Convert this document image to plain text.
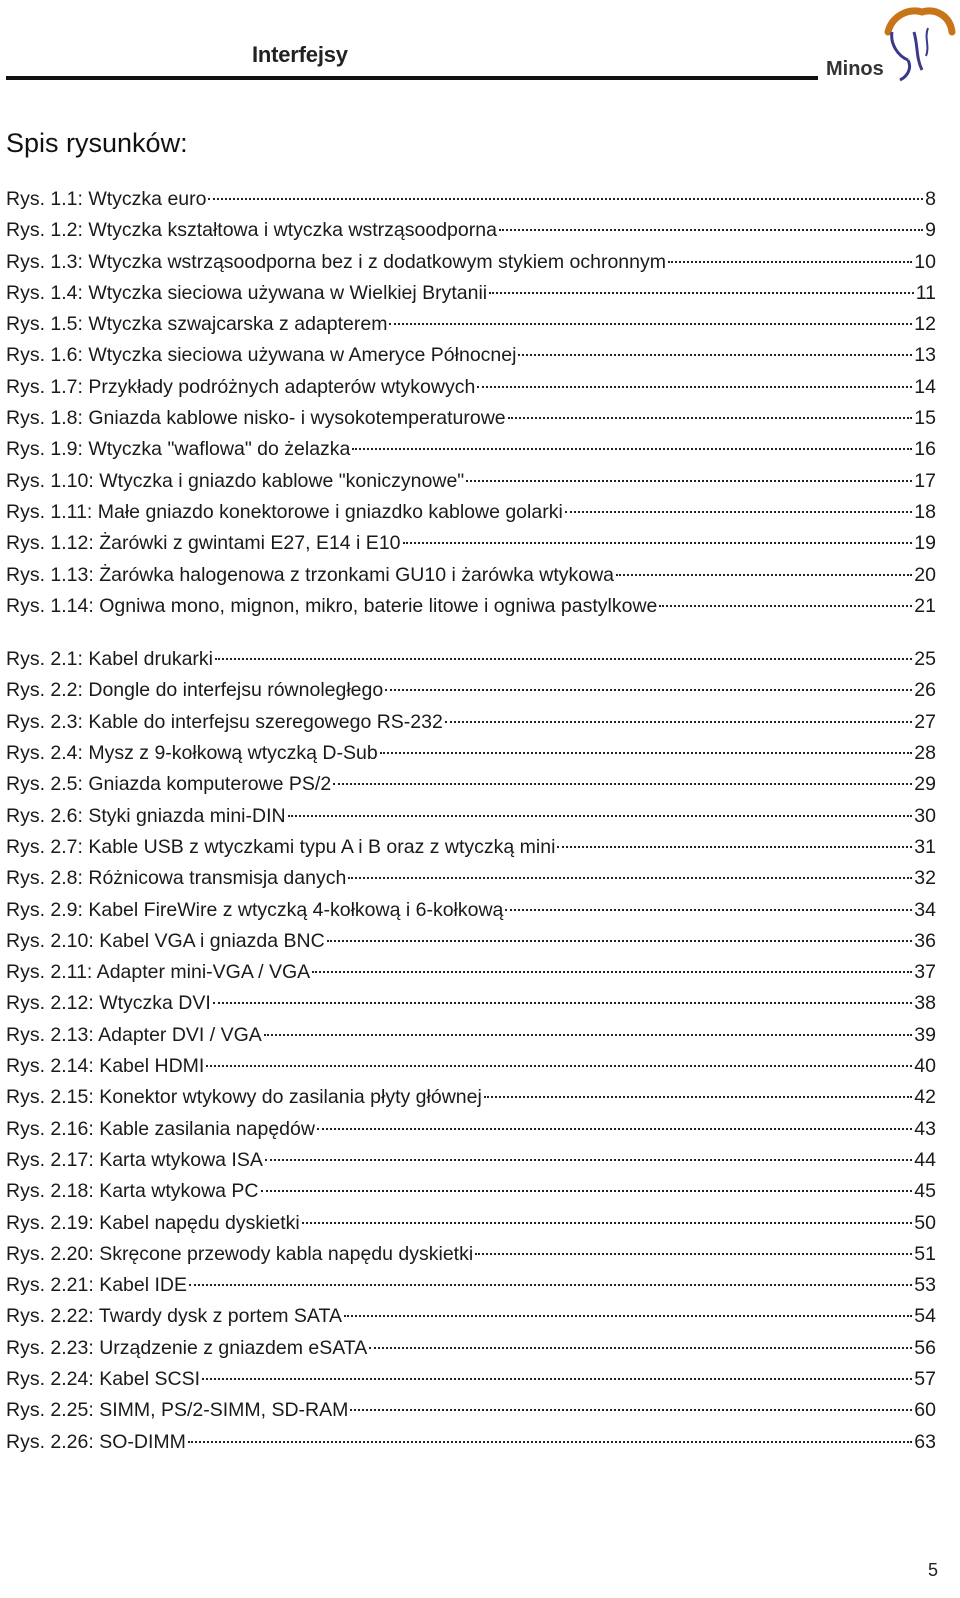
Interfejsy
Minos
Spis rysunków:
Rys. 1.1: Wtyczka euro	8
Rys. 1.2: Wtyczka kształtowa i wtyczka wstrząsoodporna	9
Rys. 1.3: Wtyczka wstrząsoodporna bez i z dodatkowym stykiem ochronnym	10
Rys. 1.4: Wtyczka sieciowa używana w Wielkiej Brytanii	11
Rys. 1.5: Wtyczka szwajcarska z adapterem	12
Rys. 1.6: Wtyczka sieciowa używana w Ameryce Północnej	13
Rys. 1.7: Przykłady podróżnych adapterów wtykowych	14
Rys. 1.8: Gniazda kablowe nisko- i wysokotemperaturowe	15
Rys. 1.9: Wtyczka "waflowa" do żelazka	16
Rys. 1.10: Wtyczka i gniazdo kablowe "koniczynowe"	17
Rys. 1.11: Małe gniazdo konektorowe i gniazdko kablowe golarki	18
Rys. 1.12: Żarówki z gwintami E27, E14 i E10	19
Rys. 1.13: Żarówka halogenowa z trzonkami GU10 i żarówka wtykowa	20
Rys. 1.14: Ogniwa mono, mignon, mikro, baterie litowe i ogniwa pastylkowe	21
Rys. 2.1: Kabel drukarki	25
Rys. 2.2: Dongle do interfejsu równoległego	26
Rys. 2.3: Kable do interfejsu szeregowego RS-232	27
Rys. 2.4: Mysz z 9-kołkową wtyczką D-Sub	28
Rys. 2.5: Gniazda komputerowe PS/2	29
Rys. 2.6: Styki gniazda mini-DIN	30
Rys. 2.7: Kable USB z wtyczkami typu A i B oraz z wtyczką mini	31
Rys. 2.8: Różnicowa transmisja danych	32
Rys. 2.9: Kabel FireWire z wtyczką 4-kołkową i 6-kołkową	34
Rys. 2.10: Kabel VGA i gniazda BNC	36
Rys. 2.11: Adapter mini-VGA / VGA	37
Rys. 2.12: Wtyczka DVI	38
Rys. 2.13: Adapter DVI / VGA	39
Rys. 2.14: Kabel HDMI	40
Rys. 2.15: Konektor wtykowy do zasilania płyty głównej	42
Rys. 2.16: Kable zasilania napędów	43
Rys. 2.17: Karta wtykowa ISA	44
Rys. 2.18: Karta wtykowa PC	45
Rys. 2.19: Kabel napędu dyskietki	50
Rys. 2.20: Skręcone przewody kabla napędu dyskietki	51
Rys. 2.21: Kabel IDE	53
Rys. 2.22: Twardy dysk z portem SATA	54
Rys. 2.23: Urządzenie z gniazdem eSATA	56
Rys. 2.24: Kabel SCSI	57
Rys. 2.25: SIMM, PS/2-SIMM, SD-RAM	60
Rys. 2.26: SO-DIMM	63
5
